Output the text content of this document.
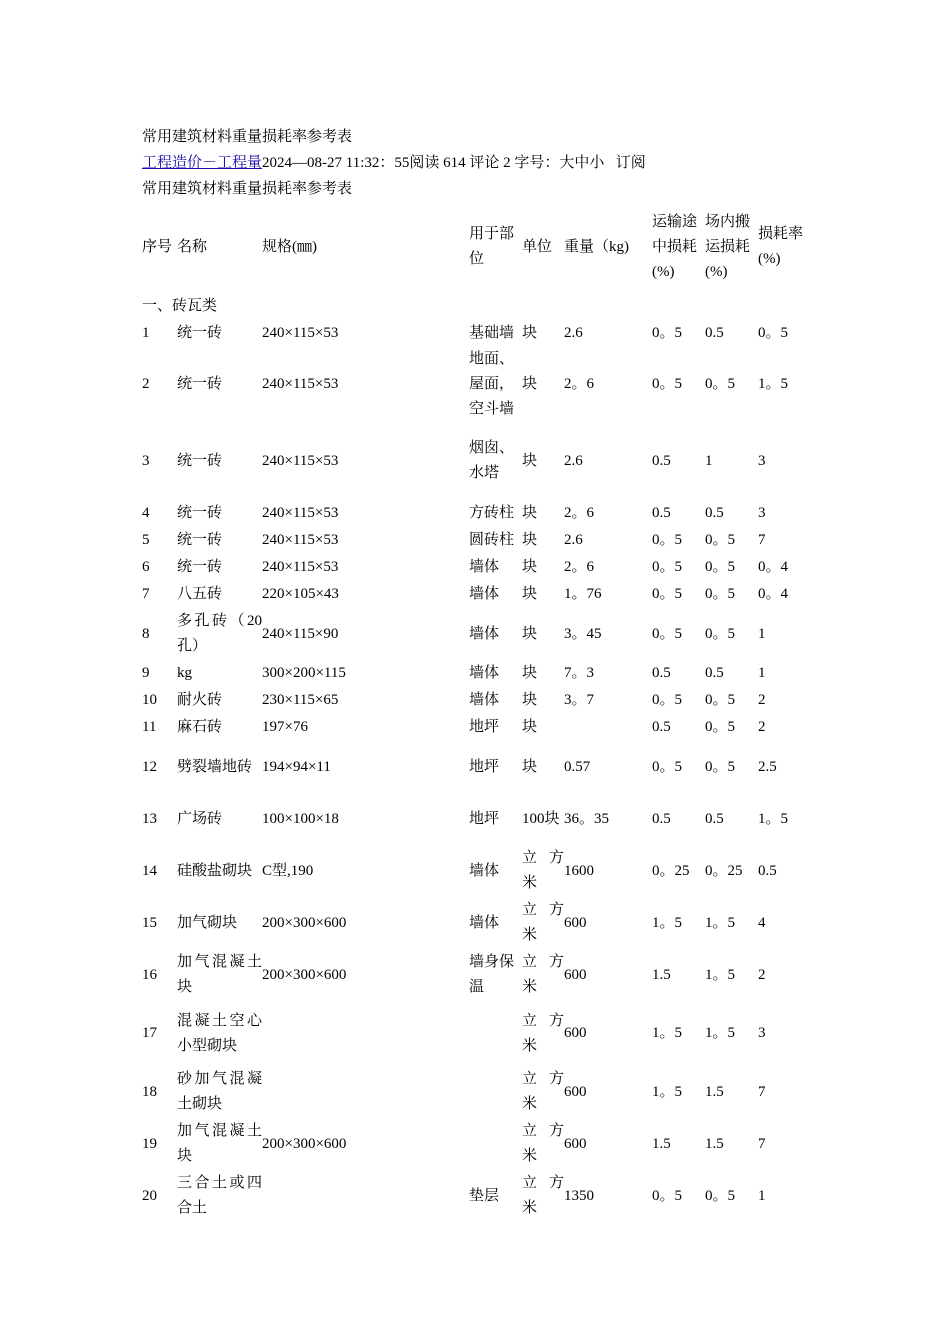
常用建筑材料重量损耗率参考表
工程造价－工程量2024—08-27 11:32：55阅读 614 评论 2 字号：大中小 订阅
常用建筑材料重量损耗率参考表
序号	名称	规格(㎜)	用于部位	单位	重量（kg)	运输途中损耗(%)	场内搬运损耗(%)	损耗率(%)
一、砖瓦类								
1	统一砖	240×115×53	基础墙	块	2.6	0。5	0.5	0。5
2	统一砖	240×115×53	地面、屋面，空斗墙	块	2。6	0。5	0。5	1。5
3	统一砖	240×115×53	烟囱、水塔	块	2.6	0.5	1	3
4	统一砖	240×115×53	方砖柱	块	2。6	0.5	0.5	3
5	统一砖	240×115×53	圆砖柱	块	2.6	0。5	0。5	7
6	统一砖	240×115×53	墙体	块	2。6	0。5	0。5	0。4
7	八五砖	220×105×43	墙体	块	1。76	0。5	0。5	0。4
8	多孔砖（20孔）	240×115×90	墙体	块	3。45	0。5	0。5	1
9	kg	300×200×115	墙体	块	7。3	0.5	0.5	1
10	耐火砖	230×115×65	墙体	块	3。7	0。5	0。5	2
11	麻石砖	197×76	地坪	块		0.5	0。5	2
12	劈裂墙地砖	194×94×11	地坪	块	0.57	0。5	0。5	2.5
13	广场砖	100×100×18	地坪	100块	36。35	0.5	0.5	1。5
14	硅酸盐砌块	C型,190	墙体	立方米	1600	0。25	0。25	0.5
15	加气砌块	200×300×600	墙体	立方米	600	1。5	1。5	4
16	加气混凝土块	200×300×600	墙身保温	立方米	600	1.5	1。5	2
17	混凝土空心小型砌块			立方米	600	1。5	1。5	3
18	砂加气混凝土砌块			立方米	600	1。5	1.5	7
19	加气混凝土块	200×300×600		立方米	600	1.5	1.5	7
20	三合土或四合土		垫层	立方米	1350	0。5	0。5	1
